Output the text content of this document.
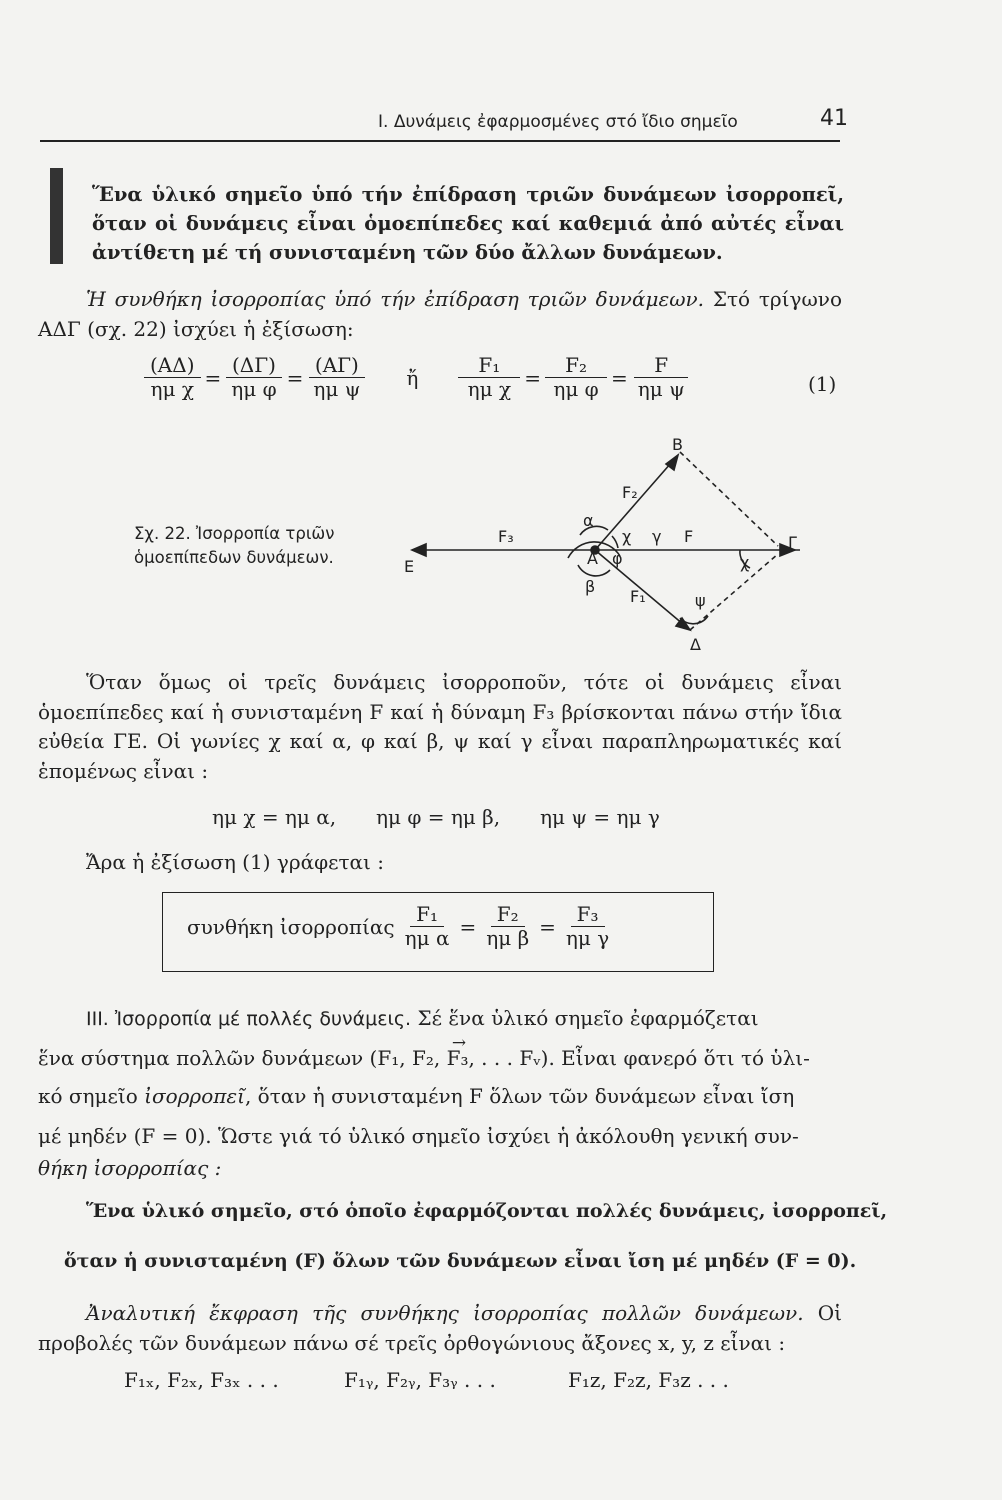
Ι. Δυνάμεις ἐφαρμοσμένες στό ἴδιο σημεῖο	41

Ἕνα ὑλικό σημεῖο ὑπό τήν ἐπίδραση τριῶν δυνάμεων ἰσορροπεῖ, ὅταν οἱ δυνάμεις εἶναι ὁμοεπίπεδες καί καθεμιά ἀπό αὐτές εἶναι ἀντίθετη μέ τή συνισταμένη τῶν δύο ἄλλων δυνάμεων.

Ἡ συνθήκη ἰσορροπίας ὑπό τήν ἐπίδραση τριῶν δυνάμεων. Στό τρίγωνο ΑΔΓ (σχ. 22) ἰσχύει ἡ ἐξίσωση:

$\frac{(A\Delta)}{\text{ημ χ}} = \frac{(\Delta\Gamma)}{\text{ημ φ}} = \frac{(A\Gamma)}{\text{ημ ψ}}$ ἤ $\frac{\text{F₁}}{\text{ημ χ}} = \frac{\text{F₂}}{\text{ημ φ}} = \frac{F}{\text{ημ ψ}}$	(1)

Σχ. 22. Ἰσορροπία τριῶν ὁμοεπίπεδων δυνάμεων.

Β
F₂
α
χ γ F	Γ
F₃
Ε	Α φ	χ
β
F₁	ψ
Δ

Ὅταν ὅμως οἱ τρεῖς δυνάμεις ἰσορροποῦν, τότε οἱ δυνάμεις εἶναι ὁμοεπίπεδες καί ἡ συνισταμένη F καί ἡ δύναμη F₃ βρίσκονται πάνω στήν ἴδια εὐθεία ΓΕ. Οἱ γωνίες χ καί α, φ καί β, ψ καί γ εἶναι παραπληρωματικές καί ἑπομένως εἶναι :

ημ χ = ημ α, ημ φ = ημ β, ημ ψ = ημ γ

Ἄρα ἡ ἐξίσωση (1) γράφεται :

συνθήκη ἰσορροπίας $\frac{\text{F₁}}{\text{ημ α}} = \frac{\text{F₂}}{\text{ημ β}} = \frac{\text{F₃}}{\text{ημ γ}}$
ΙΙΙ. Ἰσορροπία μέ πολλές δυνάμεις. Σέ ἕνα ὑλικό σημεῖο ἐφαρμόζεται
ἕνα σύστημα πολλῶν δυνάμεων (→ F₁, F₂, F₃, . . . Fᵥ). Εἶναι φανερό ὅτι τό ὑλι-
κό σημεῖο ἰσορροπεῖ, ὅταν ἡ συνισταμένη F ὅλων τῶν δυνάμεων εἶναι ἴση
μέ μηδέν (F = 0). Ὥστε γιά τό ὑλικό σημεῖο ἰσχύει ἡ ἀκόλουθη γενική συν-
θήκη ἰσορροπίας :
Ἕνα ὑλικό σημεῖο, στό ὁποῖο ἐφαρμόζονται πολλές δυνάμεις, ἰσορροπεῖ,
ὅταν ἡ συνισταμένη (F) ὅλων τῶν δυνάμεων εἶναι ἴση μέ μηδέν (F = 0).

Ἀναλυτική ἔκφραση τῆς συνθήκης ἰσορροπίας πολλῶν δυνάμεων. Οἱ προβολές τῶν δυνάμεων πάνω σέ τρεῖς ὀρθογώνιους ἄξονες x, y, z εἶναι :

F₁ₓ, F₂ₓ, F₃ₓ . . .	F₁ᵧ, F₂ᵧ, F₃ᵧ . . .	F₁z, F₂z, F₃z . . .
